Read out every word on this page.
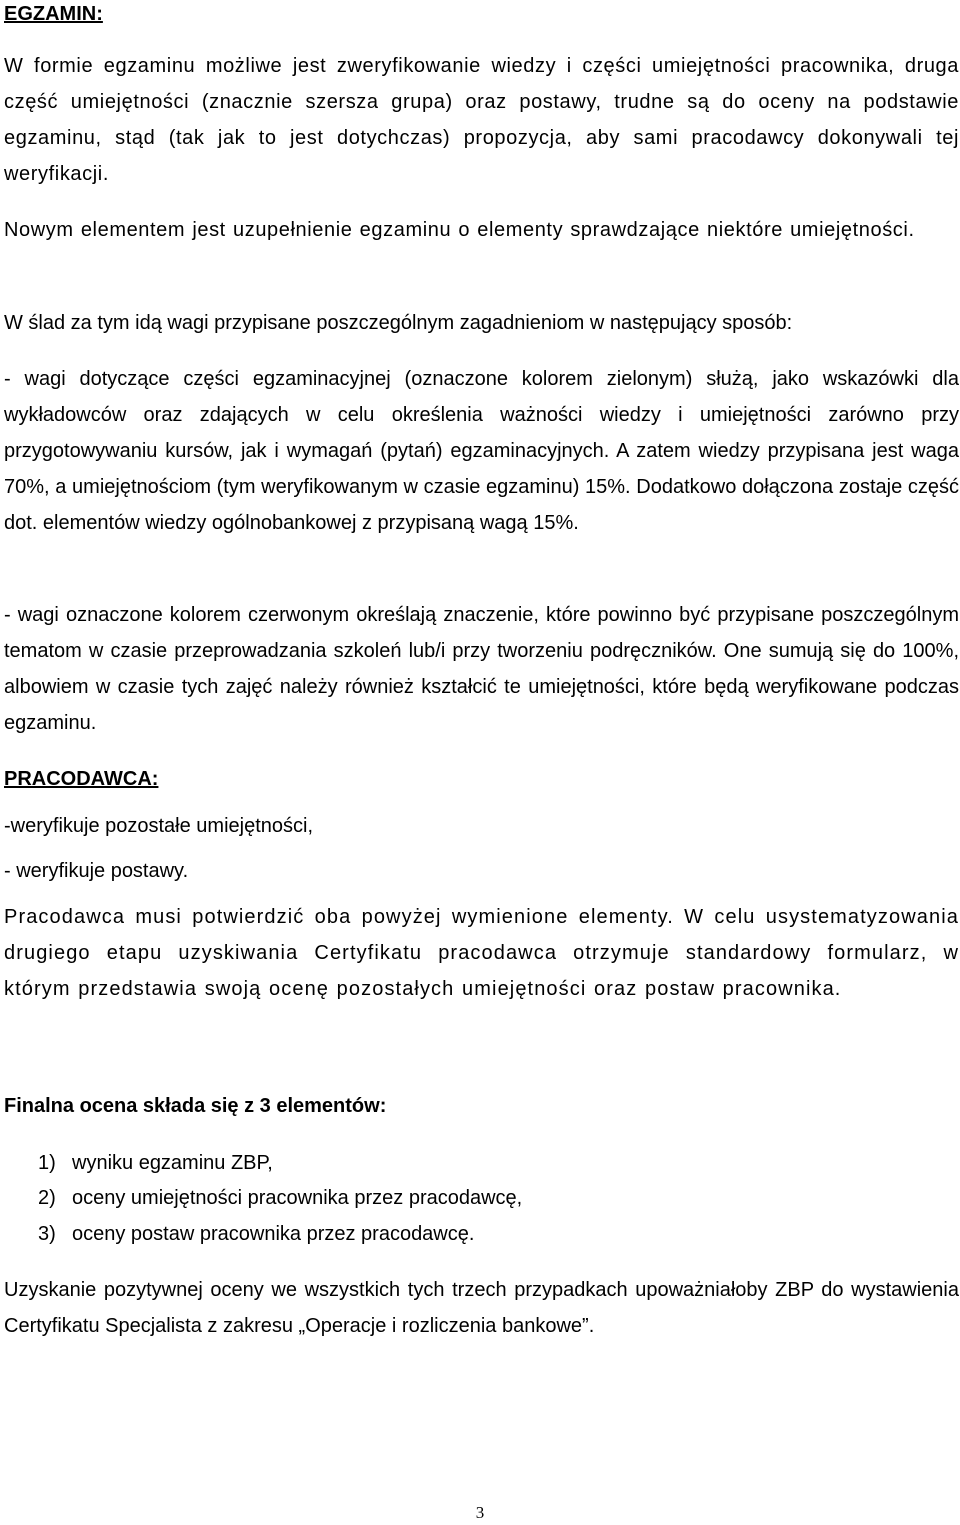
EGZAMIN:

W formie egzaminu możliwe jest zweryfikowanie wiedzy i części umiejętności pracownika, druga część umiejętności (znacznie szersza grupa) oraz postawy, trudne są do oceny na podstawie egzaminu, stąd (tak jak to jest dotychczas) propozycja, aby sami pracodawcy dokonywali tej weryfikacji.

Nowym elementem jest uzupełnienie egzaminu o elementy sprawdzające niektóre umiejętności.

W ślad za tym idą wagi przypisane poszczególnym zagadnieniom w następujący sposób:

- wagi dotyczące części egzaminacyjnej (oznaczone kolorem zielonym) służą, jako wskazówki dla wykładowców oraz zdających w celu określenia ważności wiedzy i umiejętności zarówno przy przygotowywaniu kursów, jak i wymagań (pytań) egzaminacyjnych. A zatem wiedzy przypisana jest waga 70%, a umiejętnościom (tym weryfikowanym w czasie egzaminu) 15%. Dodatkowo dołączona zostaje część dot. elementów wiedzy ogólnobankowej z przypisaną wagą 15%.

- wagi oznaczone kolorem czerwonym określają znaczenie, które powinno być przypisane poszczególnym tematom w czasie przeprowadzania szkoleń lub/i przy tworzeniu podręczników. One sumują się do 100%, albowiem w czasie tych zajęć należy również kształcić te umiejętności, które będą weryfikowane podczas egzaminu.

PRACODAWCA:

-weryfikuje pozostałe umiejętności,

- weryfikuje postawy.

Pracodawca musi potwierdzić oba powyżej wymienione elementy. W celu usystematyzowania drugiego etapu uzyskiwania Certyfikatu pracodawca otrzymuje standardowy formularz, w którym przedstawia swoją ocenę pozostałych umiejętności oraz postaw pracownika.

Finalna ocena składa się z 3 elementów:

1) wyniku egzaminu ZBP,
2) oceny umiejętności pracownika przez pracodawcę,
3) oceny postaw pracownika przez pracodawcę.

Uzyskanie pozytywnej oceny we wszystkich tych trzech przypadkach upoważniałoby ZBP do wystawienia Certyfikatu Specjalista z zakresu „Operacje i rozliczenia bankowe”.

3
